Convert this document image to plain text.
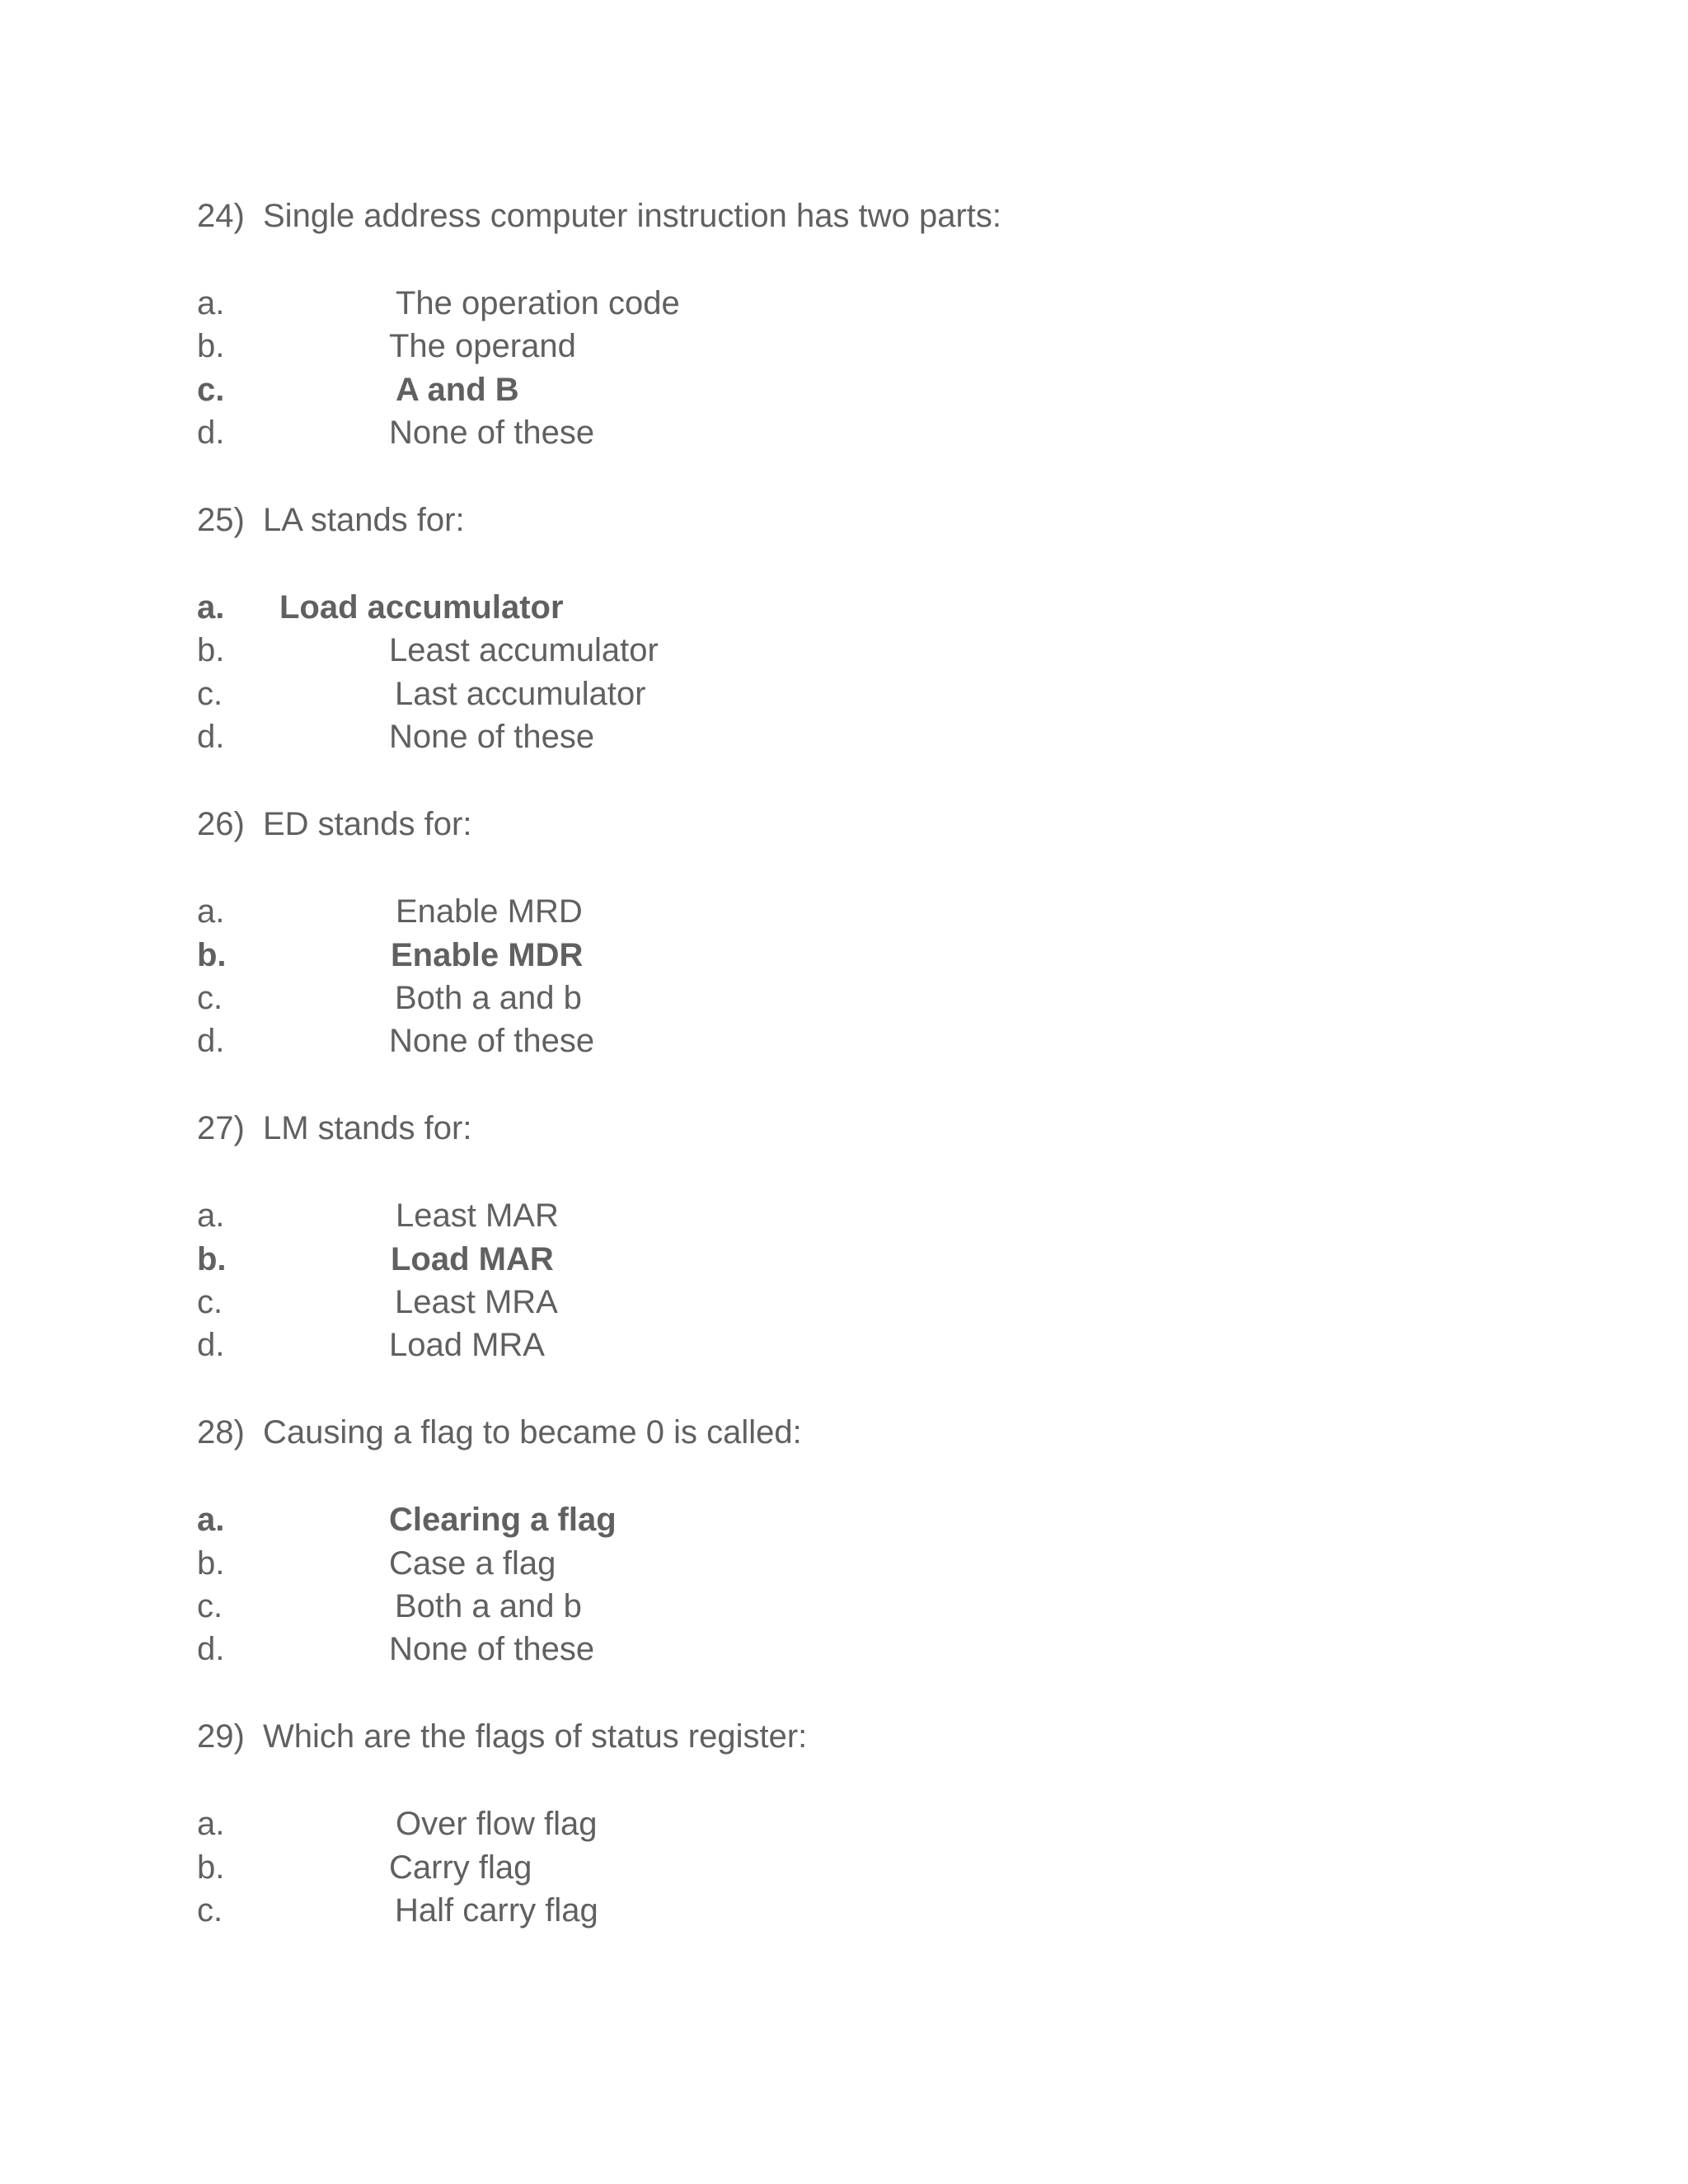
24) Single address computer instruction has two parts:

a.	The operation code

b.	The operand

c.	A and B

d.	None of these

25) LA stands for:

a. Load accumulator

b.	Least accumulator

c.	Last accumulator

d.	None of these

26) ED stands for:

a.	Enable MRD

b.	Enable MDR

c.	Both a and b

d.	None of these

27) LM stands for:

a.	Least MAR

b.	Load MAR

c.	Least MRA

d.	Load MRA

28) Causing a flag to became 0 is called:

a.	Clearing a flag

b.	Case a flag

c.	Both a and b

d.	None of these

29) Which are the flags of status register:

a.	Over flow flag

b.	Carry flag

c.	Half carry flag
